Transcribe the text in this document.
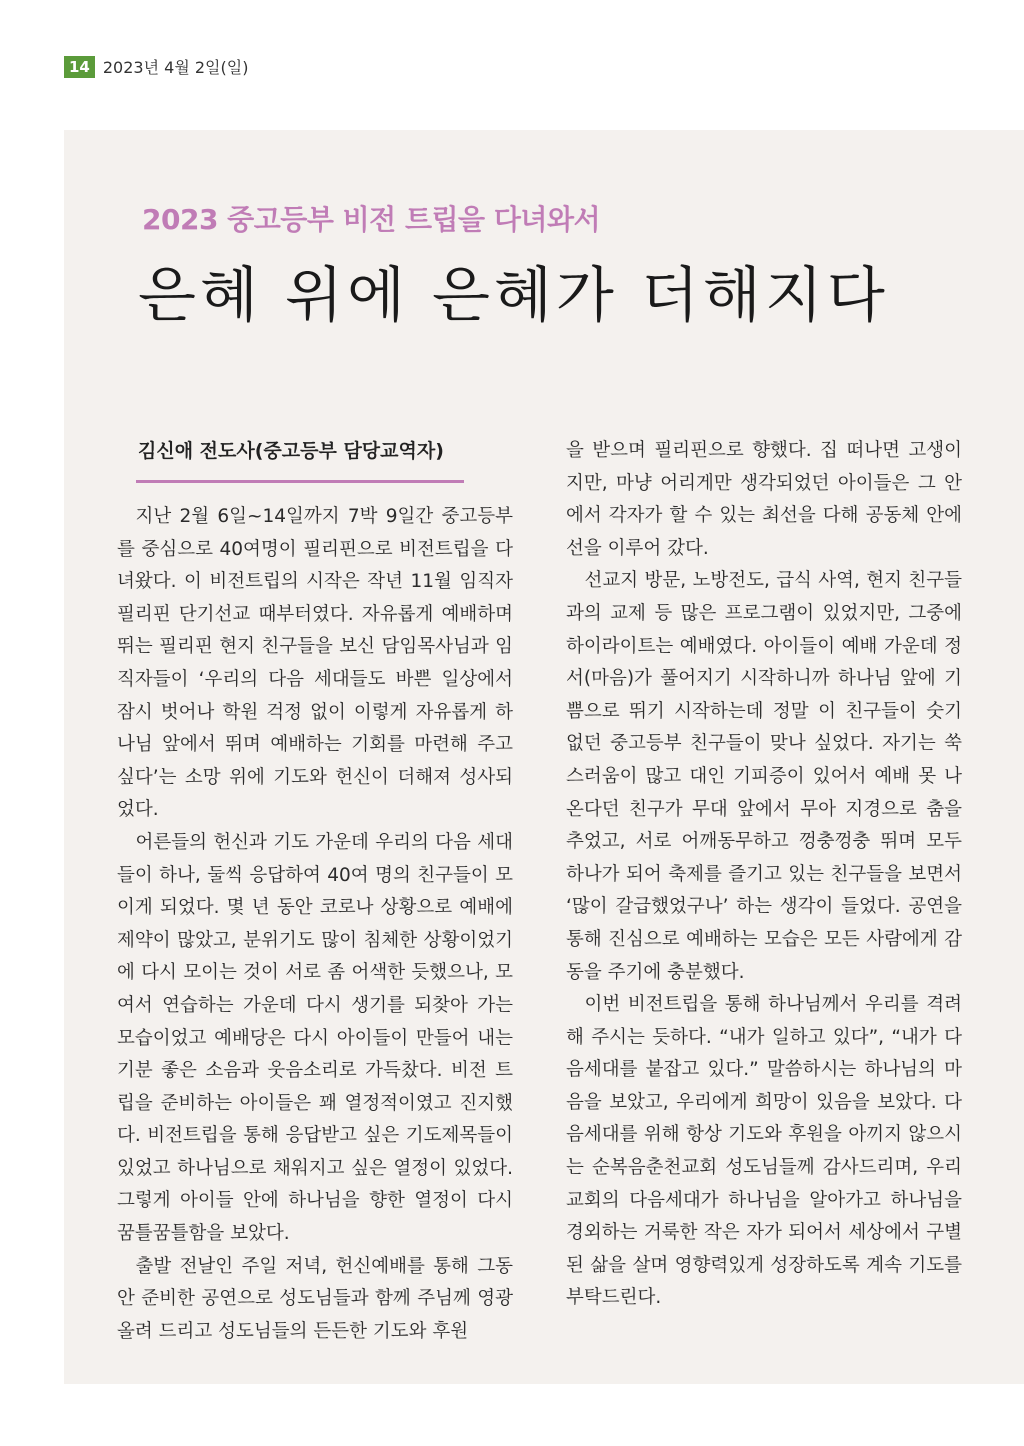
14 2023년 4월 2일(일)
2023 중고등부 비전 트립을 다녀와서
은혜 위에 은혜가 더해지다
김신애 전도사(중고등부 담당교역자)

지난 2월 6일~14일까지 7박 9일간 중고등부를 중심으로 40여명이 필리핀으로 비전트립을 다녀왔다. 이 비전트립의 시작은 작년 11월 임직자 필리핀 단기선교 때부터였다. 자유롭게 예배하며 뛰는 필리핀 현지 친구들을 보신 담임목사님과 임직자들이 ‘우리의 다음 세대들도 바쁜 일상에서 잠시 벗어나 학원 걱정 없이 이렇게 자유롭게 하나님 앞에서 뛰며 예배하는 기회를 마련해 주고 싶다’는 소망 위에 기도와 헌신이 더해져 성사되었다.

어른들의 헌신과 기도 가운데 우리의 다음 세대들이 하나, 둘씩 응답하여 40여 명의 친구들이 모이게 되었다. 몇 년 동안 코로나 상황으로 예배에 제약이 많았고, 분위기도 많이 침체한 상황이었기에 다시 모이는 것이 서로 좀 어색한 듯했으나, 모여서 연습하는 가운데 다시 생기를 되찾아 가는 모습이었고 예배당은 다시 아이들이 만들어 내는 기분 좋은 소음과 웃음소리로 가득찼다. 비전 트립을 준비하는 아이들은 꽤 열정적이였고 진지했다. 비전트립을 통해 응답받고 싶은 기도제목들이 있었고 하나님으로 채워지고 싶은 열정이 있었다. 그렇게 아이들 안에 하나님을 향한 열정이 다시 꿈틀꿈틀함을 보았다.

출발 전날인 주일 저녁, 헌신예배를 통해 그동안 준비한 공연으로 성도님들과 함께 주님께 영광 올려 드리고 성도님들의 든든한 기도와 후원

을 받으며 필리핀으로 향했다. 집 떠나면 고생이지만, 마냥 어리게만 생각되었던 아이들은 그 안에서 각자가 할 수 있는 최선을 다해 공동체 안에 선을 이루어 갔다.

선교지 방문, 노방전도, 급식 사역, 현지 친구들과의 교제 등 많은 프로그램이 있었지만, 그중에 하이라이트는 예배였다. 아이들이 예배 가운데 정서(마음)가 풀어지기 시작하니까 하나님 앞에 기쁨으로 뛰기 시작하는데 정말 이 친구들이 숫기 없던 중고등부 친구들이 맞나 싶었다. 자기는 쑥스러움이 많고 대인 기피증이 있어서 예배 못 나온다던 친구가 무대 앞에서 무아 지경으로 춤을 추었고, 서로 어깨동무하고 껑충껑충 뛰며 모두 하나가 되어 축제를 즐기고 있는 친구들을 보면서 ‘많이 갈급했었구나’ 하는 생각이 들었다. 공연을 통해 진심으로 예배하는 모습은 모든 사람에게 감동을 주기에 충분했다.

이번 비전트립을 통해 하나님께서 우리를 격려해 주시는 듯하다. “내가 일하고 있다”, “내가 다음세대를 붙잡고 있다.” 말씀하시는 하나님의 마음을 보았고, 우리에게 희망이 있음을 보았다. 다음세대를 위해 항상 기도와 후원을 아끼지 않으시는 순복음춘천교회 성도님들께 감사드리며, 우리교회의 다음세대가 하나님을 알아가고 하나님을 경외하는 거룩한 작은 자가 되어서 세상에서 구별된 삶을 살며 영향력있게 성장하도록 계속 기도를 부탁드린다.
